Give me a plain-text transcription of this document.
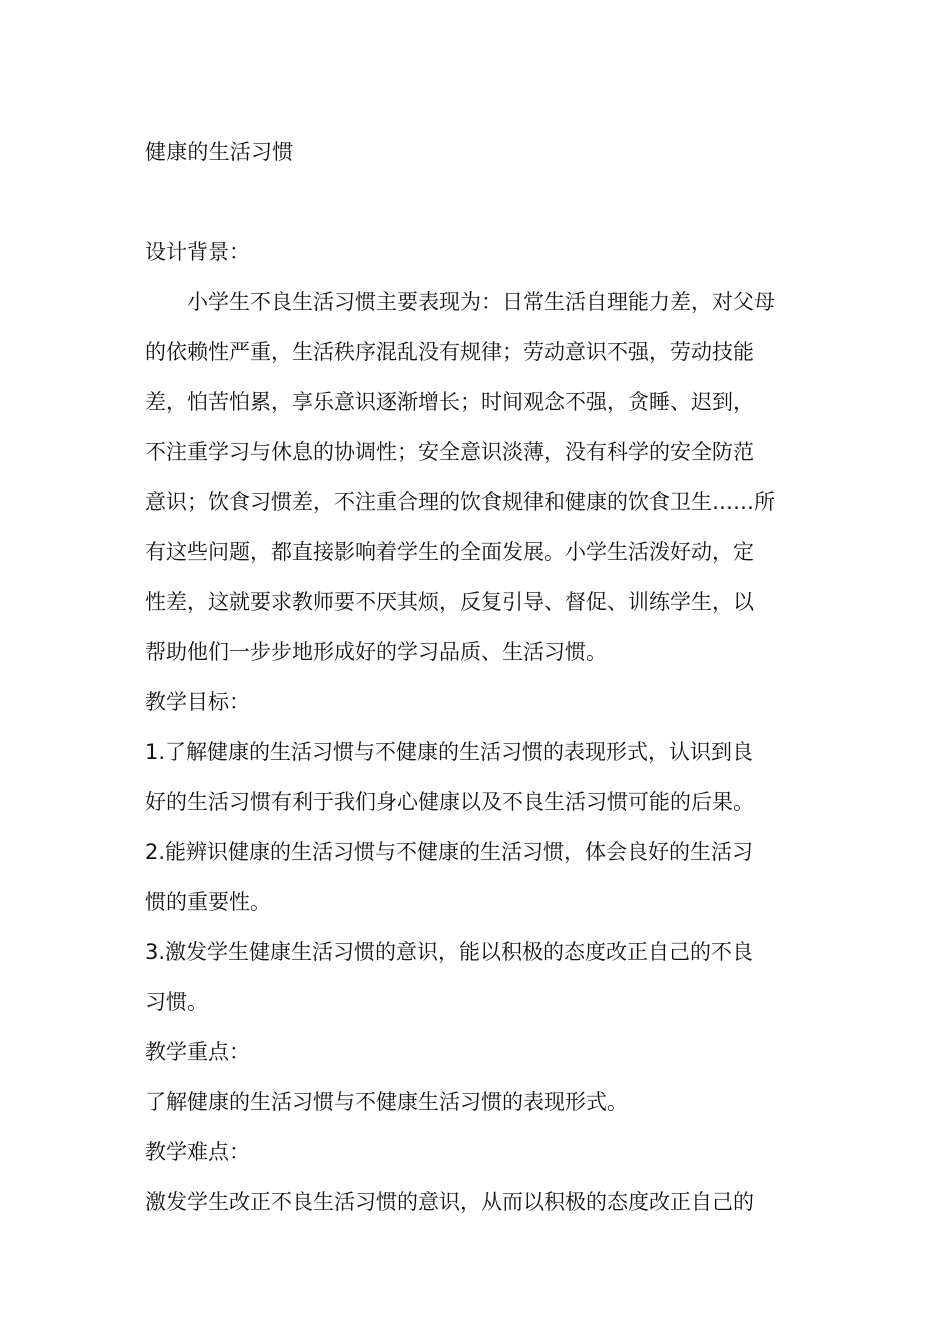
健康的生活习惯
设计背景：
小学生不良生活习惯主要表现为：日常生活自理能力差，对父母
的依赖性严重，生活秩序混乱没有规律；劳动意识不强，劳动技能
差，怕苦怕累，享乐意识逐渐增长；时间观念不强，贪睡、迟到，
不注重学习与休息的协调性；安全意识淡薄，没有科学的安全防范
意识；饮食习惯差，不注重合理的饮食规律和健康的饮食卫生……所
有这些问题，都直接影响着学生的全面发展。小学生活泼好动，定
性差，这就要求教师要不厌其烦，反复引导、督促、训练学生，以
帮助他们一步步地形成好的学习品质、生活习惯。
教学目标：
1.了解健康的生活习惯与不健康的生活习惯的表现形式，认识到良
好的生活习惯有利于我们身心健康以及不良生活习惯可能的后果。
2.能辨识健康的生活习惯与不健康的生活习惯，体会良好的生活习
惯的重要性。
3.激发学生健康生活习惯的意识，能以积极的态度改正自己的不良
习惯。
教学重点：
了解健康的生活习惯与不健康生活习惯的表现形式。
教学难点：
激发学生改正不良生活习惯的意识，从而以积极的态度改正自己的
